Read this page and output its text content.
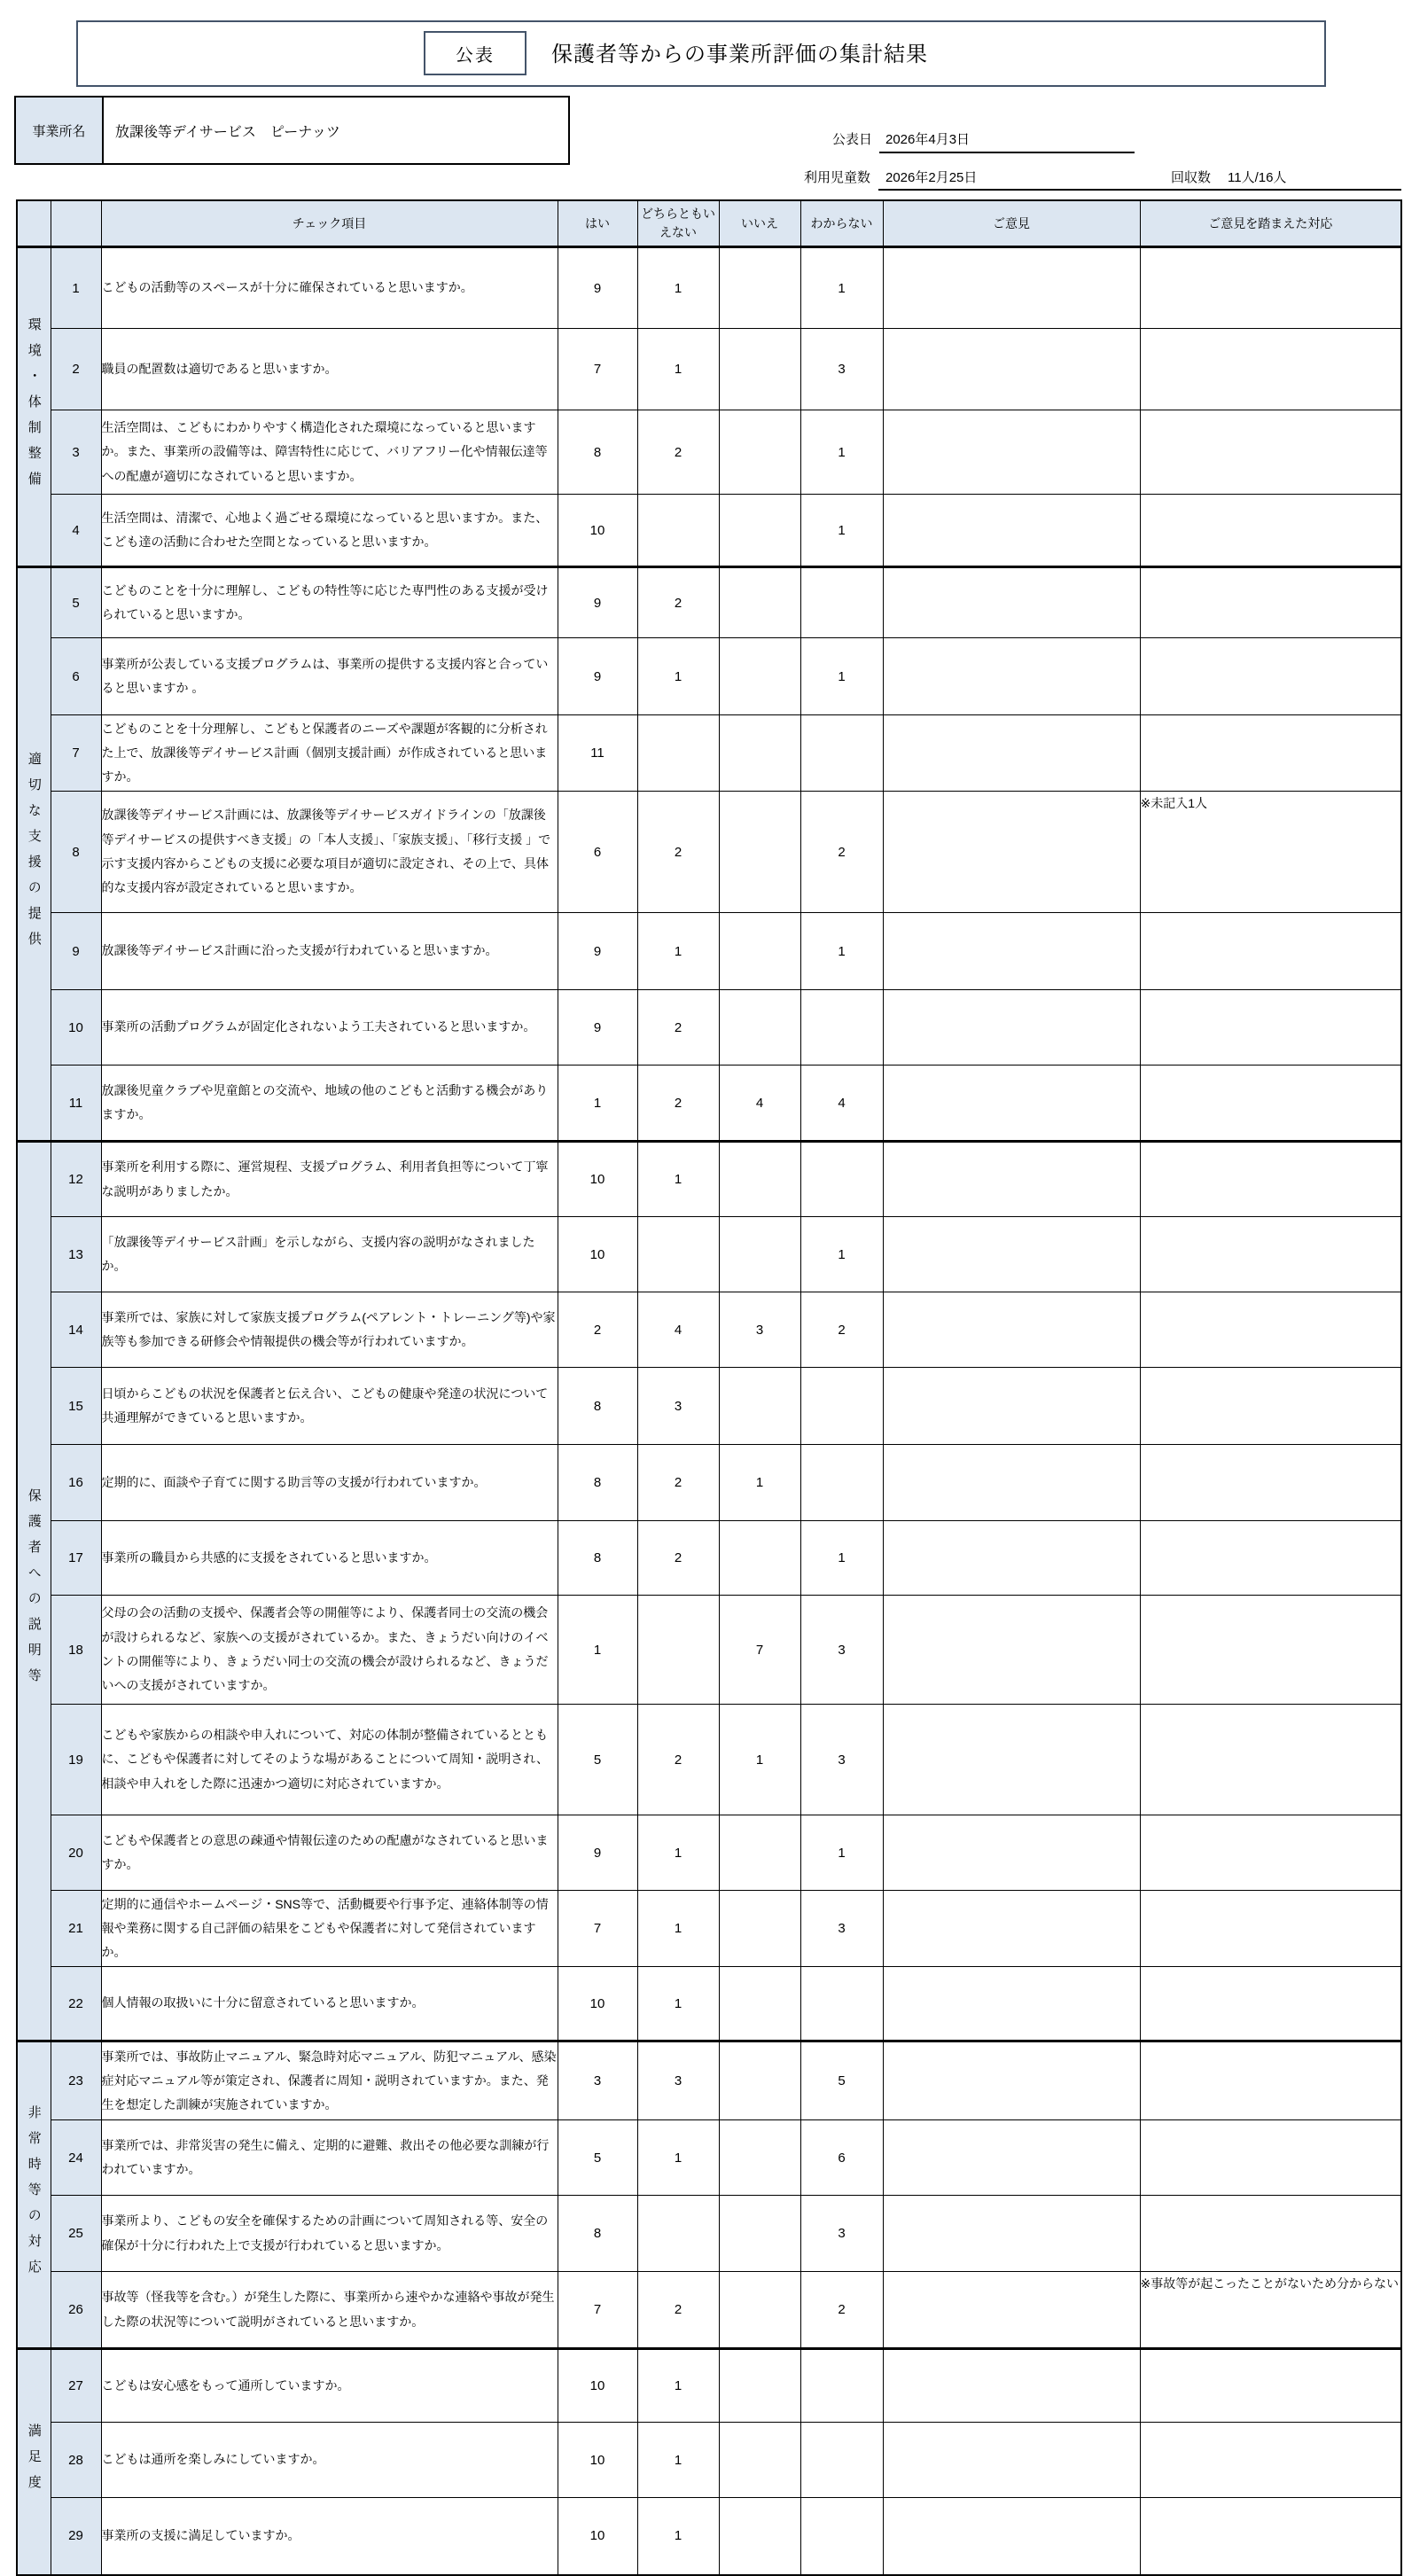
公表	保護者等からの事業所評価の集計結果
事業所名	放課後等デイサービス　ピーナッツ	公表日 2026年4月3日
利用児童数 2026年2月25日	回収数 11人/16人
		チェック項目	はい	どちらともいえない	いいえ	わからない	ご意見	ご意見を踏まえた対応

環境・体制整備	1	こどもの活動等のスペースが十分に確保されていると思いますか。	9	1		1		
	2	職員の配置数は適切であると思いますか。	7	1		3		
	3	生活空間は、こどもにわかりやすく構造化された環境になっていると思いますか。また、事業所の設備等は、障害特性に応じて、バリアフリー化や情報伝達等への配慮が適切になされていると思いますか。	8	2		1		
	4	生活空間は、清潔で、心地よく過ごせる環境になっていると思いますか。また、こども達の活動に合わせた空間となっていると思いますか。	10			1		

適切な支援の提供	5	こどものことを十分に理解し、こどもの特性等に応じた専門性のある支援が受けられていると思いますか。	9	2				
	6	事業所が公表している支援プログラムは、事業所の提供する支援内容と合っていると思いますか 。	9	1		1		
	7	こどものことを十分理解し、こどもと保護者のニーズや課題が客観的に分析された上で、放課後等デイサービス計画（個別支援計画）が作成されていると思いますか。	11					
	8	放課後等デイサービス計画には、放課後等デイサービスガイドラインの「放課後等デイサービスの提供すべき支援」の「本人支援」、「家族支援」、「移行支援 」で示す支援内容からこどもの支援に必要な項目が適切に設定され、その上で、具体的な支援内容が設定されていると思いますか。	6	2		2		※未記入1人
	9	放課後等デイサービス計画に沿った支援が行われていると思いますか。	9	1		1		
	10	事業所の活動プログラムが固定化されないよう工夫されていると思いますか。	9	2				
	11	放課後児童クラブや児童館との交流や、地域の他のこどもと活動する機会がありますか。	1	2	4	4		

保護者への説明等	12	事業所を利用する際に、運営規程、支援プログラム、利用者負担等について丁寧な説明がありましたか。	10	1				
	13	「放課後等デイサービス計画」を示しながら、支援内容の説明がなされましたか。	10			1		
	14	事業所では、家族に対して家族支援プログラム(ペアレント・トレーニング等)や家族等も参加できる研修会や情報提供の機会等が行われていますか。	2	4	3	2		
	15	日頃からこどもの状況を保護者と伝え合い、こどもの健康や発達の状況について共通理解ができていると思いますか。	8	3				
	16	定期的に、面談や子育てに関する助言等の支援が行われていますか。	8	2	1			
	17	事業所の職員から共感的に支援をされていると思いますか。	8	2		1		
	18	父母の会の活動の支援や、保護者会等の開催等により、保護者同士の交流の機会が設けられるなど、家族への支援がされているか。また、きょうだい向けのイベントの開催等により、きょうだい同士の交流の機会が設けられるなど、きょうだいへの支援がされていますか。	1		7	3		
	19	こどもや家族からの相談や申入れについて、対応の体制が整備されているとともに、こどもや保護者に対してそのような場があることについて周知・説明され、相談や申入れをした際に迅速かつ適切に対応されていますか。	5	2	1	3		
	20	こどもや保護者との意思の疎通や情報伝達のための配慮がなされていると思いますか。	9	1		1		
	21	定期的に通信やホームページ・SNS等で、活動概要や行事予定、連絡体制等の情報や業務に関する自己評価の結果をこどもや保護者に対して発信されていますか。	7	1		3		
	22	個人情報の取扱いに十分に留意されていると思いますか。	10	1				

非常時等の対応	23	事業所では、事故防止マニュアル、緊急時対応マニュアル、防犯マニュアル、感染症対応マニュアル等が策定され、保護者に周知・説明されていますか。また、発生を想定した訓練が実施されていますか。	3	3		5		
	24	事業所では、非常災害の発生に備え、定期的に避難、救出その他必要な訓練が行われていますか。	5	1		6		
	25	事業所より、こどもの安全を確保するための計画について周知される等、安全の確保が十分に行われた上で支援が行われていると思いますか。	8			3		
	26	事故等（怪我等を含む。）が発生した際に、事業所から速やかな連絡や事故が発生した際の状況等について説明がされていると思いますか。	7	2		2		※事故等が起こったことがないため分からない

満足度	27	こどもは安心感をもって通所していますか。	10	1				
	28	こどもは通所を楽しみにしていますか。	10	1				
	29	事業所の支援に満足していますか。	10	1				
